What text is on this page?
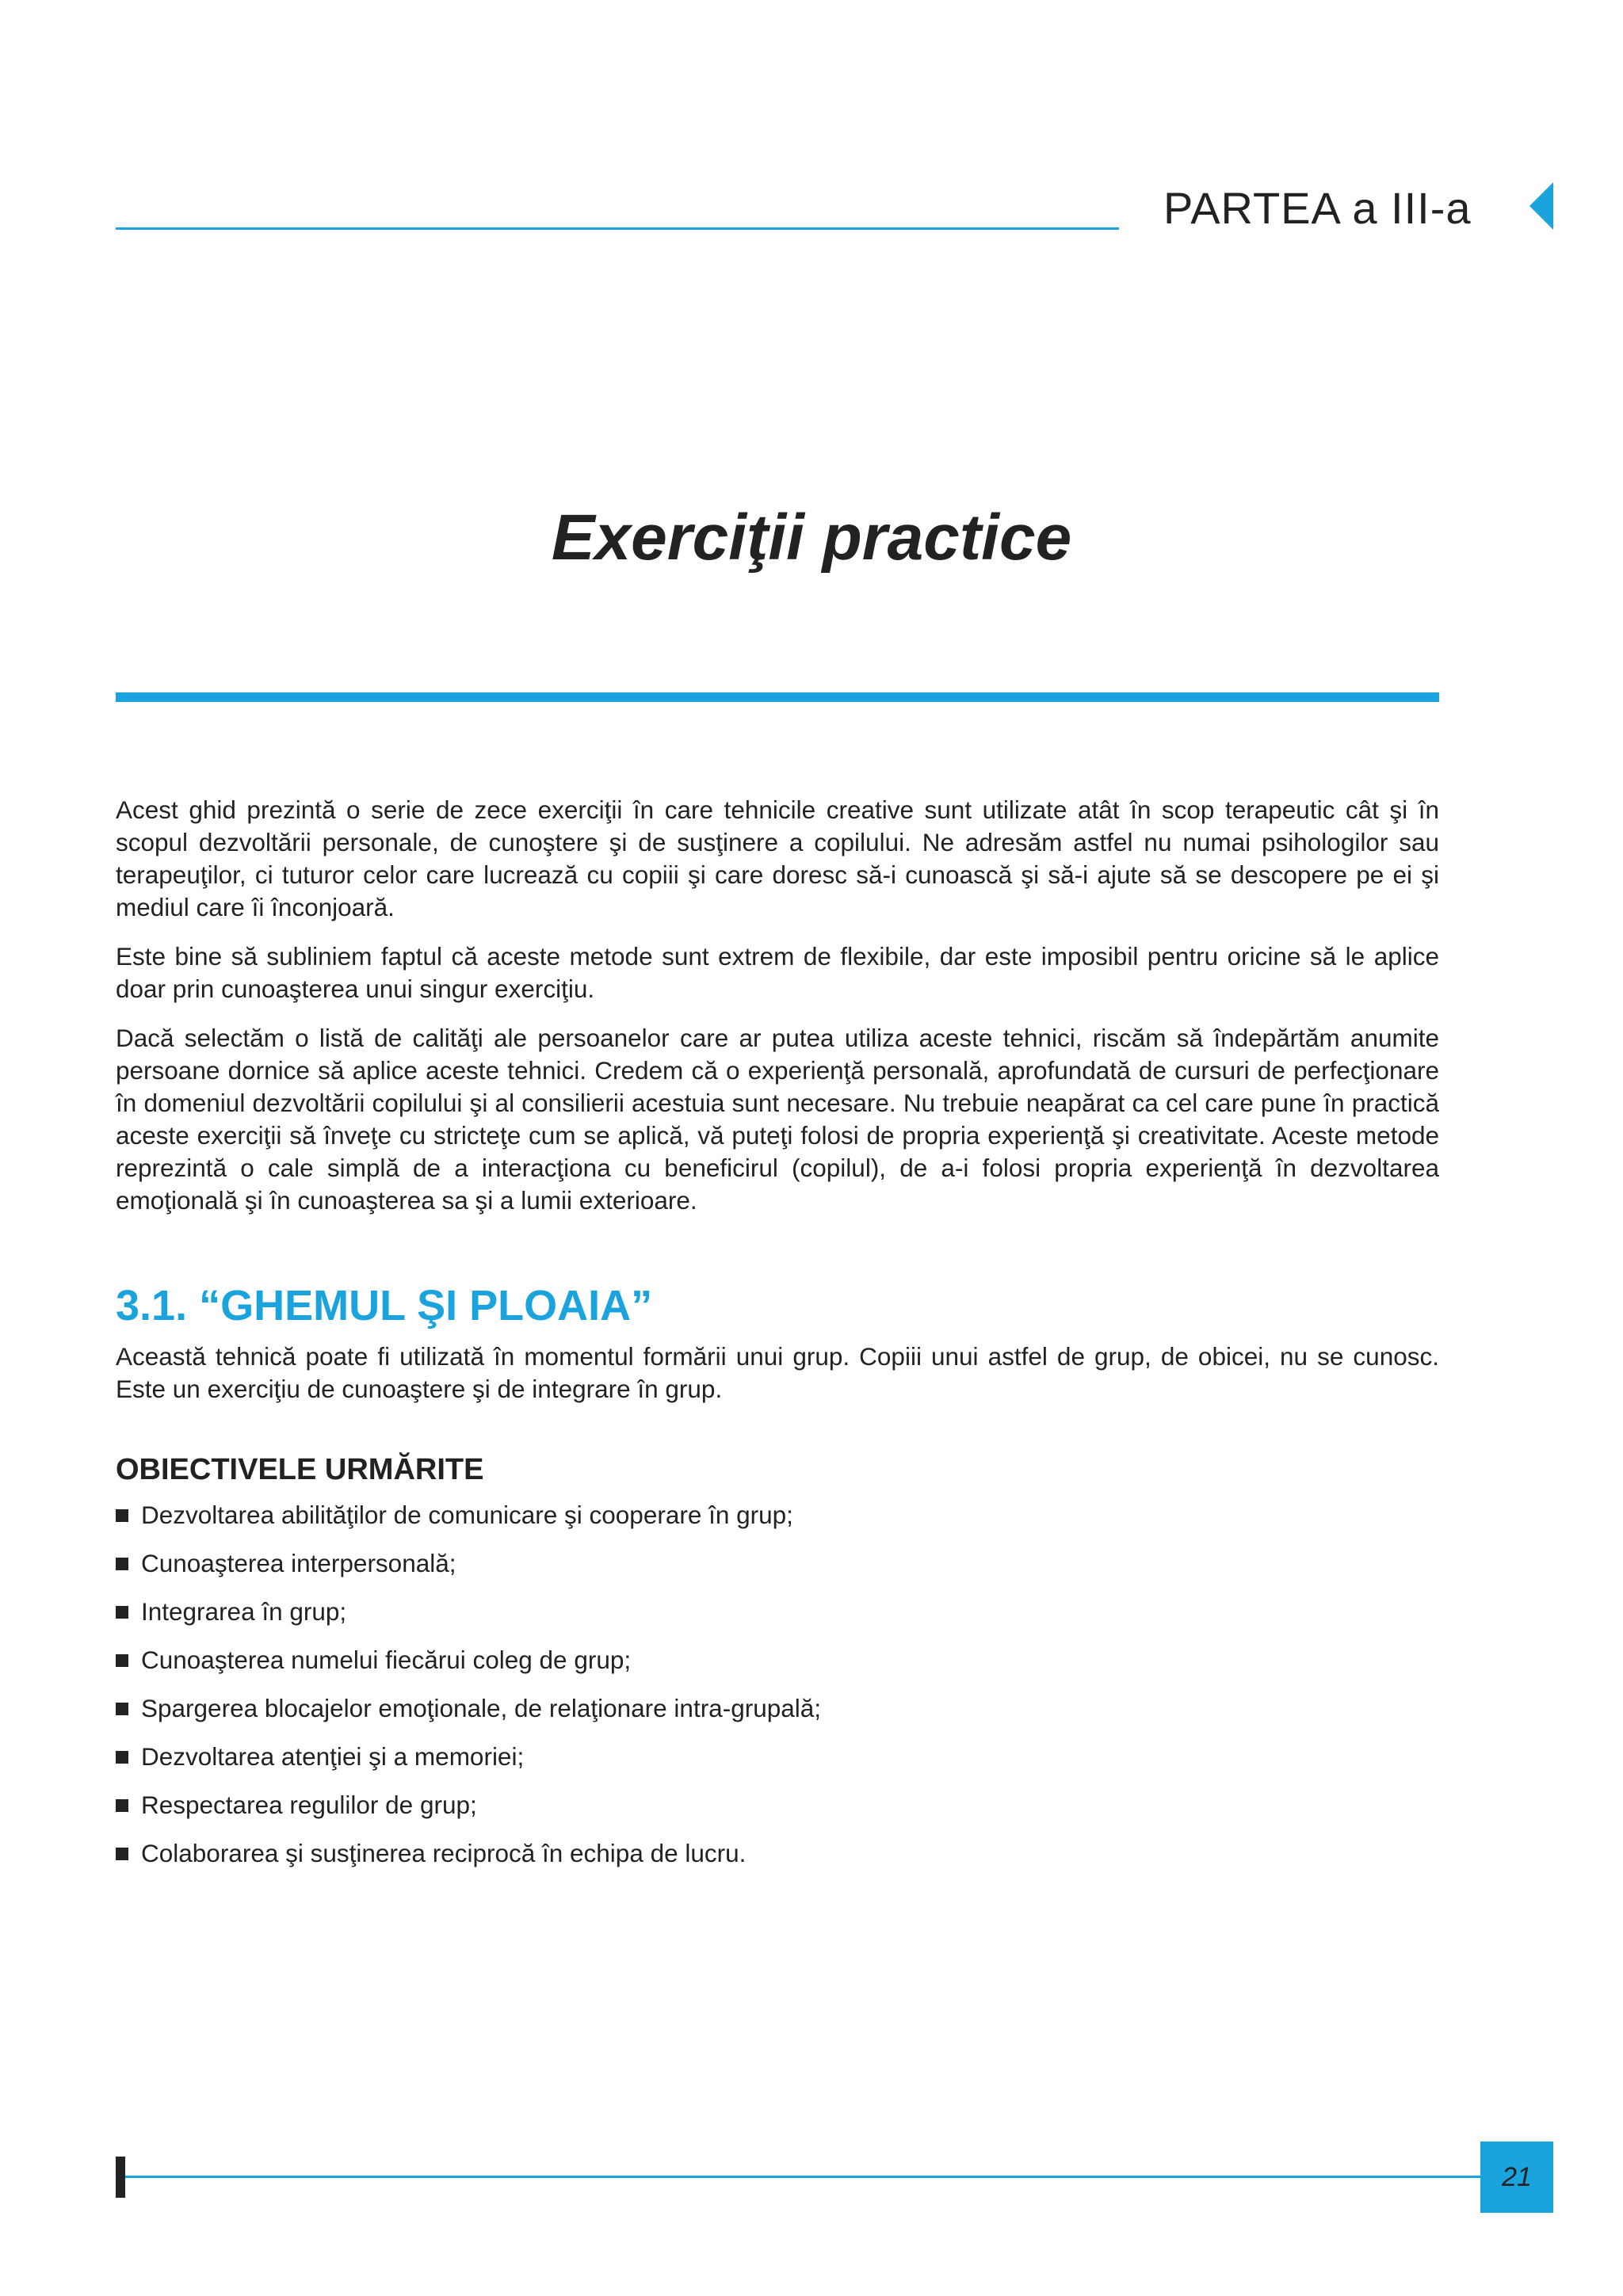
PARTEA a III-a
Exerciţii practice

Acest ghid prezintă o serie de zece exerciţii în care tehnicile creative sunt utilizate atât în scop terapeutic cât şi în scopul dezvoltării personale, de cunoştere şi de susţinere a copilului. Ne adresăm astfel nu numai psihologilor sau terapeuţilor, ci tuturor celor care lucrează cu copiii şi care doresc să-i cunoască şi să-i ajute să se descopere pe ei şi mediul care îi înconjoară.

Este bine să subliniem faptul că aceste metode sunt extrem de flexibile, dar este imposibil pentru oricine să le aplice doar prin cunoaşterea unui singur exerciţiu.

Dacă selectăm o listă de calităţi ale persoanelor care ar putea utiliza aceste tehnici, riscăm să îndepărtăm anumite persoane dornice să aplice aceste tehnici. Credem că o experienţă personală, aprofundată de cursuri de perfecţionare în domeniul dezvoltării copilului şi al consilierii acestuia sunt necesare. Nu trebuie neapărat ca cel care pune în practică aceste exerciţii să înveţe cu stricteţe cum se aplică, vă puteţi folosi de propria experienţă şi creativitate. Aceste metode reprezintă o cale simplă de a interacţiona cu beneficirul (copilul), de a-i folosi propria experienţă în dezvoltarea emoţională şi în cunoaşterea sa şi a lumii exterioare.

3.1. “GHEMUL ŞI PLOAIA”

Această tehnică poate fi utilizată în momentul formării unui grup. Copiii unui astfel de grup, de obicei, nu se cunosc. Este un exerciţiu de cunoaştere şi de integrare în grup.

OBIECTIVELE URMĂRITE
Dezvoltarea abilităţilor de comunicare şi cooperare în grup;
Cunoaşterea interpersonală;
Integrarea în grup;
Cunoaşterea numelui fiecărui coleg de grup;
Spargerea blocajelor emoţionale, de relaţionare intra-grupală;
Dezvoltarea atenţiei şi a memoriei;
Respectarea regulilor de grup;
Colaborarea şi susţinerea reciprocă în echipa de lucru.
21
